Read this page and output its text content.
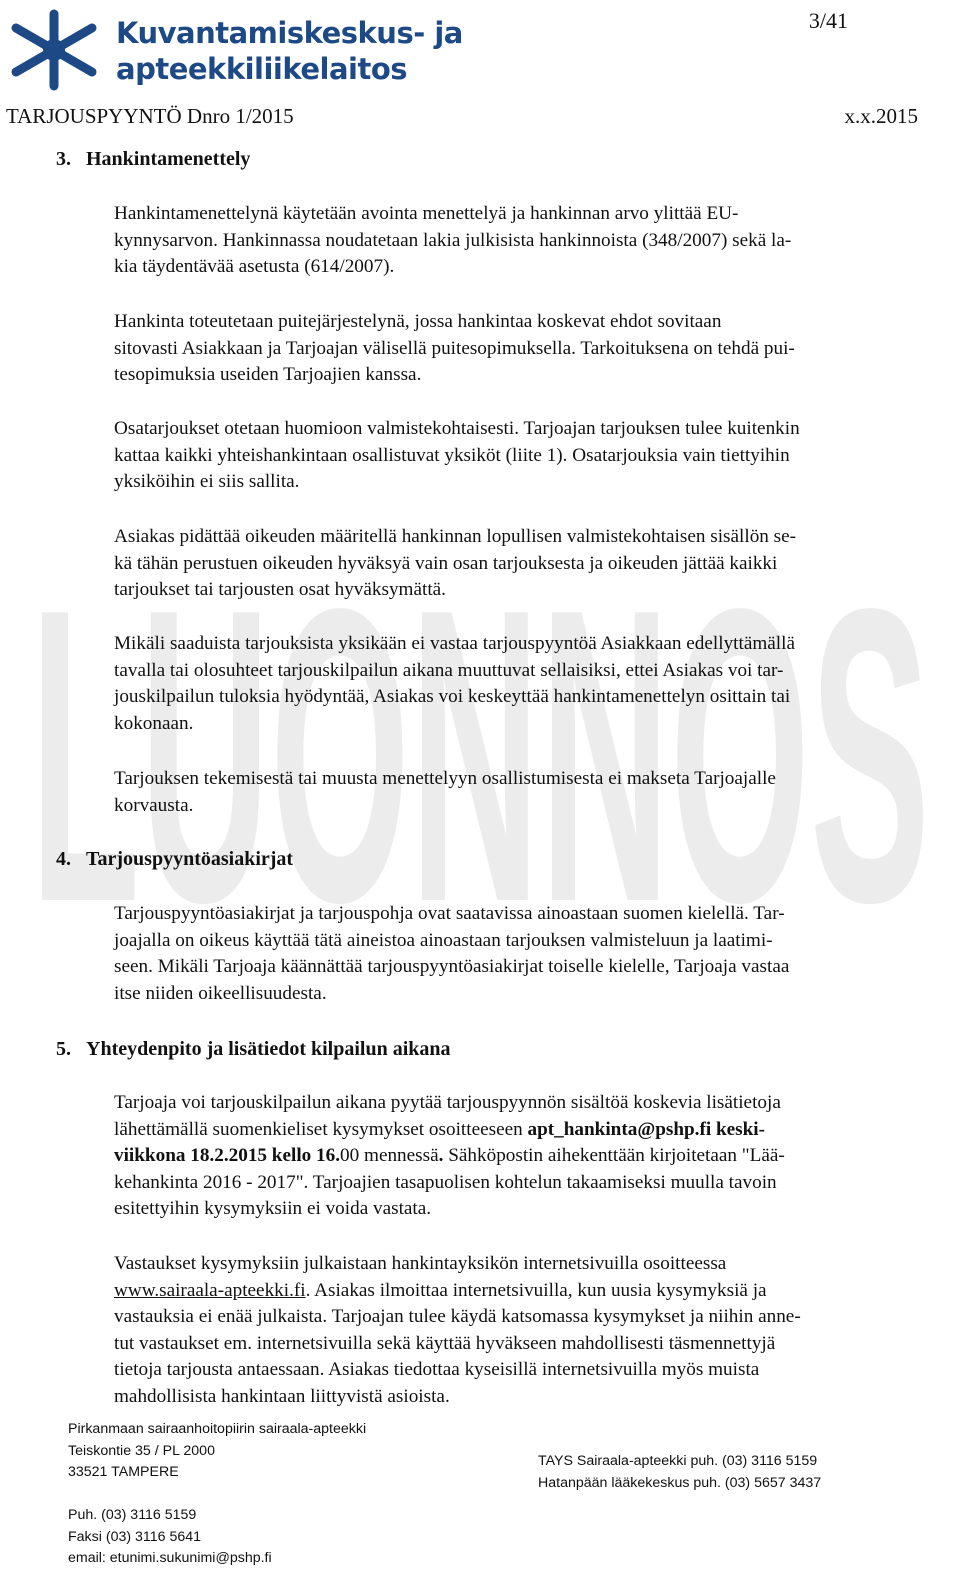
LUONNOS
Kuvantamiskeskus- ja
apteekkiliikelaitos
3/41
TARJOUSPYYNTÖ Dnro 1/2015	x.x.2015
3. Hankintamenettely

Hankintamenettelynä käytetään avointa menettelyä ja hankinnan arvo ylittää EU-
kynnysarvon. Hankinnassa noudatetaan lakia julkisista hankinnoista (348/2007) sekä la-
kia täydentävää asetusta (614/2007).

Hankinta toteutetaan puitejärjestelynä, jossa hankintaa koskevat ehdot sovitaan
sitovasti Asiakkaan ja Tarjoajan välisellä puitesopimuksella. Tarkoituksena on tehdä pui-
tesopimuksia useiden Tarjoajien kanssa.

Osatarjoukset otetaan huomioon valmistekohtaisesti. Tarjoajan tarjouksen tulee kuitenkin
kattaa kaikki yhteishankintaan osallistuvat yksiköt (liite 1). Osatarjouksia vain tiettyihin
yksiköihin ei siis sallita.

Asiakas pidättää oikeuden määritellä hankinnan lopullisen valmistekohtaisen sisällön se-
kä tähän perustuen oikeuden hyväksyä vain osan tarjouksesta ja oikeuden jättää kaikki
tarjoukset tai tarjousten osat hyväksymättä.

Mikäli saaduista tarjouksista yksikään ei vastaa tarjouspyyntöä Asiakkaan edellyttämällä
tavalla tai olosuhteet tarjouskilpailun aikana muuttuvat sellaisiksi, ettei Asiakas voi tar-
jouskilpailun tuloksia hyödyntää, Asiakas voi keskeyttää hankintamenettelyn osittain tai
kokonaan.

Tarjouksen tekemisestä tai muusta menettelyyn osallistumisesta ei makseta Tarjoajalle
korvausta.

4. Tarjouspyyntöasiakirjat

Tarjouspyyntöasiakirjat ja tarjouspohja ovat saatavissa ainoastaan suomen kielellä. Tar-
joajalla on oikeus käyttää tätä aineistoa ainoastaan tarjouksen valmisteluun ja laatimi-
seen. Mikäli Tarjoaja käännättää tarjouspyyntöasiakirjat toiselle kielelle, Tarjoaja vastaa
itse niiden oikeellisuudesta.

5. Yhteydenpito ja lisätiedot kilpailun aikana

Tarjoaja voi tarjouskilpailun aikana pyytää tarjouspyynnön sisältöä koskevia lisätietoja
lähettämällä suomenkieliset kysymykset osoitteeseen apt_hankinta@pshp.fi keski-
viikkona 18.2.2015 kello 16.00 mennessä. Sähköpostin aihekenttään kirjoitetaan "Lää-
kehankinta 2016 - 2017". Tarjoajien tasapuolisen kohtelun takaamiseksi muulla tavoin
esitettyihin kysymyksiin ei voida vastata.

Vastaukset kysymyksiin julkaistaan hankintayksikön internetsivuilla osoitteessa
www.sairaala-apteekki.fi. Asiakas ilmoittaa internetsivuilla, kun uusia kysymyksiä ja
vastauksia ei enää julkaista. Tarjoajan tulee käydä katsomassa kysymykset ja niihin anne-
tut vastaukset em. internetsivuilla sekä käyttää hyväkseen mahdollisesti täsmennettyjä
tietoja tarjousta antaessaan. Asiakas tiedottaa kyseisillä internetsivuilla myös muista
mahdollisista hankintaan liittyvistä asioista.

Pirkanmaan sairaanhoitopiirin sairaala-apteekki
Teiskontie 35 / PL 2000
33521 TAMPERE
Puh. (03) 3116 5159
Faksi (03) 3116 5641
email: etunimi.sukunimi@pshp.fi
TAYS Sairaala-apteekki puh. (03) 3116 5159
Hatanpään lääkekeskus puh. (03) 5657 3437
